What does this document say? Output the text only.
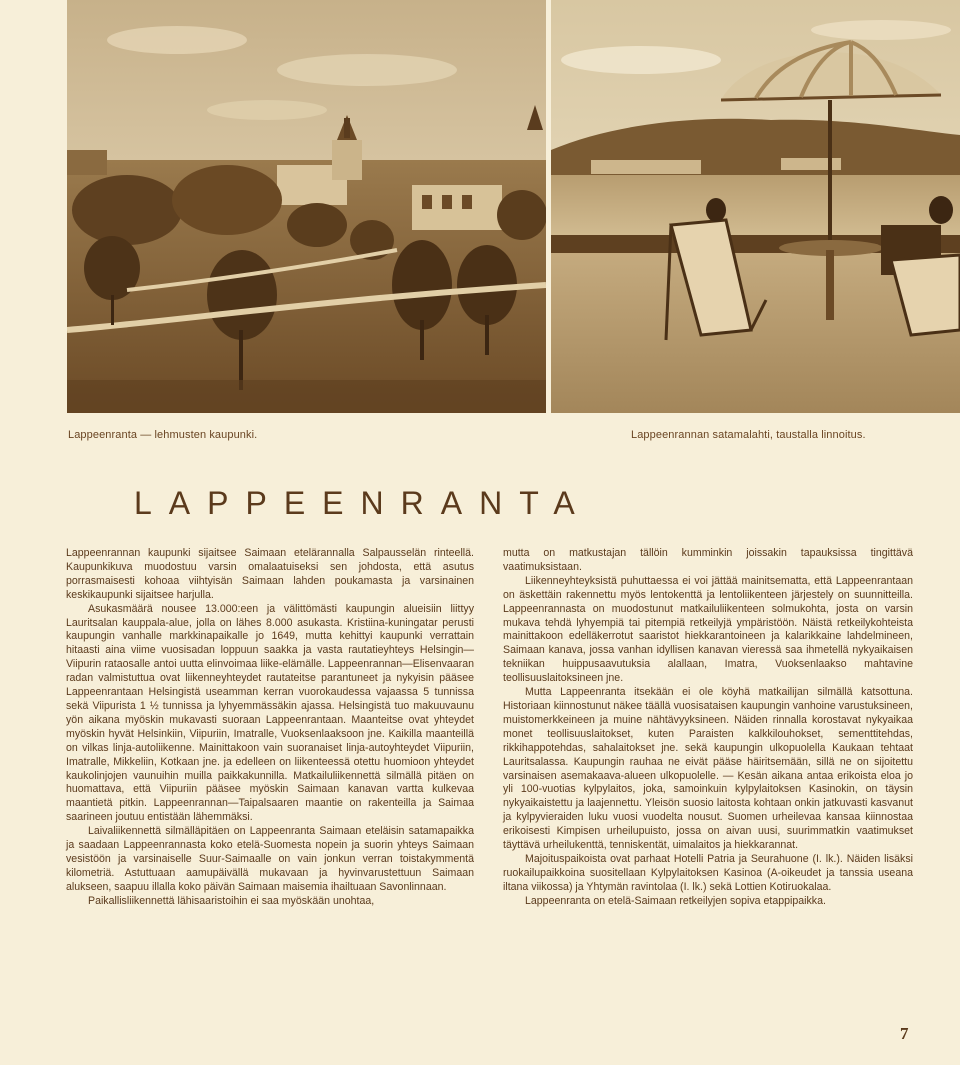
Lappeenranta — lehmusten kaupunki.	Lappeenrannan satamalahti, taustalla linnoitus.
LAPPEENRANTA

Lappeenrannan kaupunki sijaitsee Saimaan etelärannalla Salpausselän rinteellä. Kaupunkikuva muodostuu varsin omalaatuiseksi sen johdosta, että asutus porrasmaisesti kohoaa viihtyisän Saimaan lahden poukamasta ja varsinainen keskikaupunki sijaitsee harjulla.

Asukasmäärä nousee 13.000:een ja välittömästi kaupungin alueisiin liittyy Lauritsalan kauppala-alue, jolla on lähes 8.000 asukasta. Kristiina-kuningatar perusti kaupungin vanhalle markkinapaikalle jo 1649, mutta kehittyi kaupunki verrattain hitaasti aina viime vuosisadan loppuun saakka ja vasta rautatieyhteys Helsingin—Viipurin rataosalle antoi uutta elinvoimaa liike-elämälle. Lappeenrannan—Elisenvaaran radan valmistuttua ovat liikenneyhteydet rautateitse parantuneet ja nykyisin pääsee Lappeenrantaan Helsingistä useamman kerran vuorokaudessa vajaassa 5 tunnissa sekä Viipurista 1 ½ tunnissa ja lyhyemmässäkin ajassa. Helsingistä tuo makuuvaunu yön aikana myöskin mukavasti suoraan Lappeenrantaan. Maanteitse ovat yhteydet myöskin hyvät Helsinkiin, Viipuriin, Imatralle, Vuoksenlaaksoon jne. Kaikilla maanteillä on vilkas linja-autoliikenne. Mainittakoon vain suoranaiset linja-autoyhteydet Viipuriin, Imatralle, Mikkeliin, Kotkaan jne. ja edelleen on liikenteessä otettu huomioon yhteydet kaukolinjojen vaunuihin muilla paikkakunnilla. Matkailuliikennettä silmällä pitäen on huomattava, että Viipuriin pääsee myöskin Saimaan kanavan vartta kulkevaa maantietä pitkin. Lappeenrannan—Taipalsaaren maantie on rakenteilla ja Saimaa saarineen joutuu entistään lähemmäksi.

Laivaliikennettä silmälläpitäen on Lappeenranta Saimaan eteläisin satamapaikka ja saadaan Lappeenrannasta koko etelä-Suomesta nopein ja suorin yhteys Saimaan vesistöön ja varsinaiselle Suur-Saimaalle on vain jonkun verran toistakymmentä kilometriä. Astuttuaan aamupäivällä mukavaan ja hyvinvarustettuun Saimaan alukseen, saapuu illalla koko päivän Saimaan maisemia ihailtuaan Savonlinnaan.

Paikallisliikennettä lähisaaristoihin ei saa myöskään unohtaa,

mutta on matkustajan tällöin kumminkin joissakin tapauksissa tingittävä vaatimuksistaan.

Liikenneyhteyksistä puhuttaessa ei voi jättää mainitsematta, että Lappeenrantaan on äskettäin rakennettu myös lentokenttä ja lentoliikenteen järjestely on suunnitteilla. Lappeenrannasta on muodostunut matkailuliikenteen solmukohta, josta on varsin mukava tehdä lyhyempiä tai pitempiä retkeilyjä ympäristöön. Näistä retkeilykohteista mainittakoon edelläkerrotut saaristot hiekkarantoineen ja kalarikkaine lahdelmineen, Saimaan kanava, jossa vanhan idyllisen kanavan vieressä saa ihmetellä nykyaikaisen tekniikan huippusaavutuksia alallaan, Imatra, Vuoksenlaakso mahtavine teollisuuslaitoksineen jne.

Mutta Lappeenranta itsekään ei ole köyhä matkailijan silmällä katsottuna. Historiaan kiinnostunut näkee täällä vuosisataisen kaupungin vanhoine varustuksineen, muistomerkkeineen ja muine nähtävyyksineen. Näiden rinnalla korostavat nykyaikaa monet teollisuuslaitokset, kuten Paraisten kalkkilouhokset, sementtitehdas, rikkihappotehdas, sahalaitokset jne. sekä kaupungin ulkopuolella Kaukaan tehtaat Lauritsalassa. Kaupungin rauhaa ne eivät pääse häiritsemään, sillä ne on sijoitettu varsinaisen asemakaava-alueen ulkopuolelle. — Kesän aikana antaa erikoista eloa jo yli 100-vuotias kylpylaitos, joka, samoinkuin kylpylaitoksen Kasinokin, on täysin nykyaikaistettu ja laajennettu. Yleisön suosio laitosta kohtaan onkin jatkuvasti kasvanut ja kylpyvieraiden luku vuosi vuodelta nousut. Suomen urheilevaa kansaa kiinnostaa erikoisesti Kimpisen urheilupuisto, jossa on aivan uusi, suurimmatkin vaatimukset täyttävä urheilukenttä, tenniskentät, uimalaitos ja hiekkarannat.

Majoituspaikoista ovat parhaat Hotelli Patria ja Seurahuone (I. lk.). Näiden lisäksi ruokailupaikkoina suositellaan Kylpylaitoksen Kasinoa (A-oikeudet ja tanssia useana iltana viikossa) ja Yhtymän ravintolaa (I. lk.) sekä Lottien Kotiruokalaa.

Lappeenranta on etelä-Saimaan retkeilyjen sopiva etappipaikka.

7
